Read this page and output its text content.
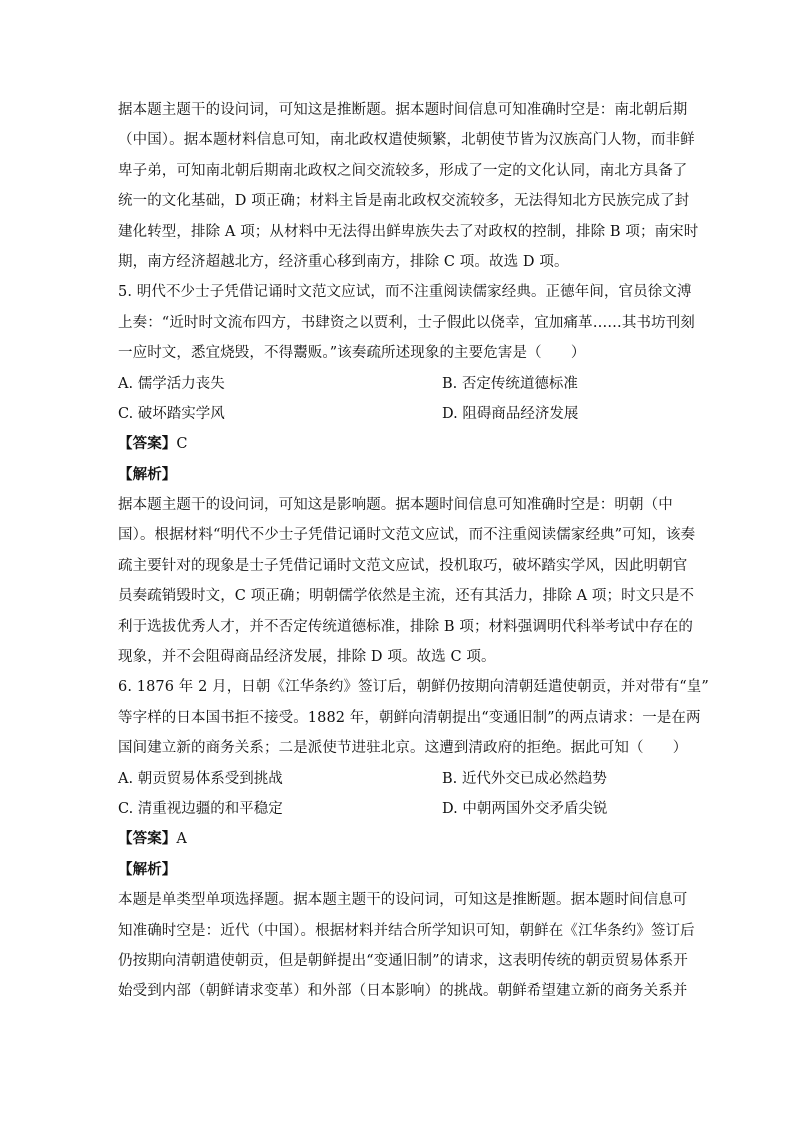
据本题主题干的设问词，可知这是推断题。据本题时间信息可知准确时空是：南北朝后期
（中国）。据本题材料信息可知，南北政权遣使频繁，北朝使节皆为汉族高门人物，而非鲜
卑子弟，可知南北朝后期南北政权之间交流较多，形成了一定的文化认同，南北方具备了
统一的文化基础，D 项正确；材料主旨是南北政权交流较多，无法得知北方民族完成了封
建化转型，排除 A 项；从材料中无法得出鲜卑族失去了对政权的控制，排除 B 项；南宋时
期，南方经济超越北方，经济重心移到南方，排除 C 项。故选 D 项。
5. 明代不少士子凭借记诵时文范文应试，而不注重阅读儒家经典。正德年间，官员徐文溥
上奏：“近时时文流布四方，书肆资之以贾利，士子假此以侥幸，宜加痛革……其书坊刊刻
一应时文，悉宜烧毁，不得鬻贩。”该奏疏所述现象的主要危害是（　　）
A. 儒学活力丧失	B. 否定传统道德标准
C. 破坏踏实学风	D. 阻碍商品经济发展
【答案】C
【解析】
据本题主题干的设问词，可知这是影响题。据本题时间信息可知准确时空是：明朝（中
国）。根据材料“明代不少士子凭借记诵时文范文应试，而不注重阅读儒家经典”可知，该奏
疏主要针对的现象是士子凭借记诵时文范文应试，投机取巧，破坏踏实学风，因此明朝官
员奏疏销毁时文，C 项正确；明朝儒学依然是主流，还有其活力，排除 A 项；时文只是不
利于选拔优秀人才，并不否定传统道德标准，排除 B 项；材料强调明代科举考试中存在的
现象，并不会阻碍商品经济发展，排除 D 项。故选 C 项。
6. 1876 年 2 月，日朝《江华条约》签订后，朝鲜仍按期向清朝廷遣使朝贡，并对带有“皇”
等字样的日本国书拒不接受。1882 年，朝鲜向清朝提出“变通旧制”的两点请求：一是在两
国间建立新的商务关系；二是派使节进驻北京。这遭到清政府的拒绝。据此可知（　　）
A. 朝贡贸易体系受到挑战	B. 近代外交已成必然趋势
C. 清重视边疆的和平稳定	D. 中朝两国外交矛盾尖锐
【答案】A
【解析】
本题是单类型单项选择题。据本题主题干的设问词，可知这是推断题。据本题时间信息可
知准确时空是：近代（中国）。根据材料并结合所学知识可知，朝鲜在《江华条约》签订后
仍按期向清朝遣使朝贡，但是朝鲜提出“变通旧制”的请求，这表明传统的朝贡贸易体系开
始受到内部（朝鲜请求变革）和外部（日本影响）的挑战。朝鲜希望建立新的商务关系并
